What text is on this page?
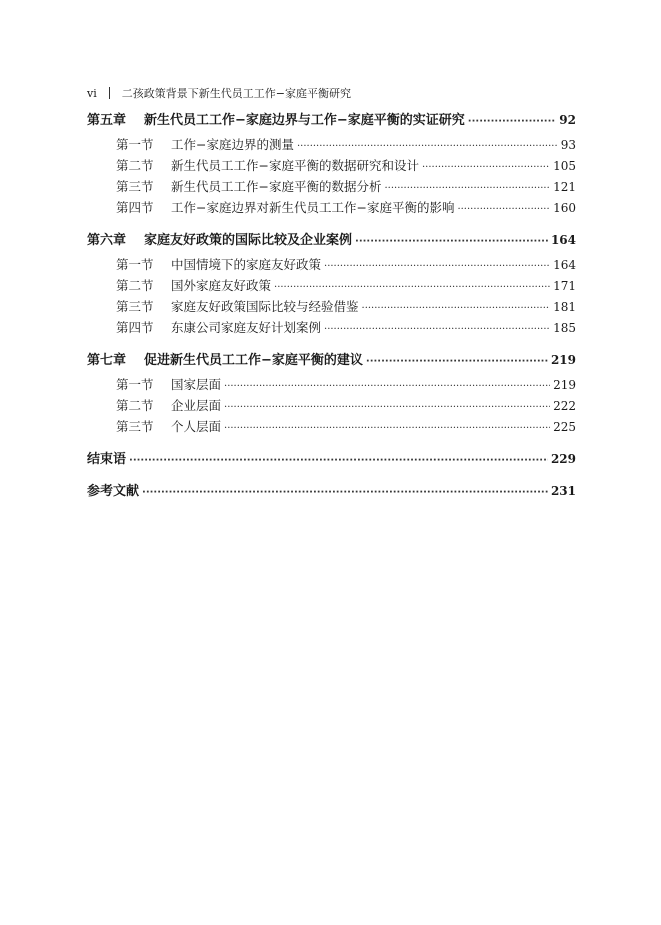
vi 二孩政策背景下新生代员工工作−家庭平衡研究
第五章	新生代员工工作−家庭边界与工作−家庭平衡的实证研究 ·····	92
第一节	工作−家庭边界的测量 ·····	93
第二节	新生代员工工作−家庭平衡的数据研究和设计 ·····	105
第三节	新生代员工工作−家庭平衡的数据分析 ·····	121
第四节	工作−家庭边界对新生代员工工作−家庭平衡的影响 ·····	160
第六章	家庭友好政策的国际比较及企业案例 ·····	164
第一节	中国情境下的家庭友好政策 ·····	164
第二节	国外家庭友好政策 ·····	171
第三节	家庭友好政策国际比较与经验借鉴 ·····	181
第四节	东康公司家庭友好计划案例 ·····	185
第七章	促进新生代员工工作−家庭平衡的建议 ·····	219
第一节	国家层面 ·····	219
第二节	企业层面 ·····	222
第三节	个人层面 ·····	225
结束语 ·····	229
参考文献 ·····	231
